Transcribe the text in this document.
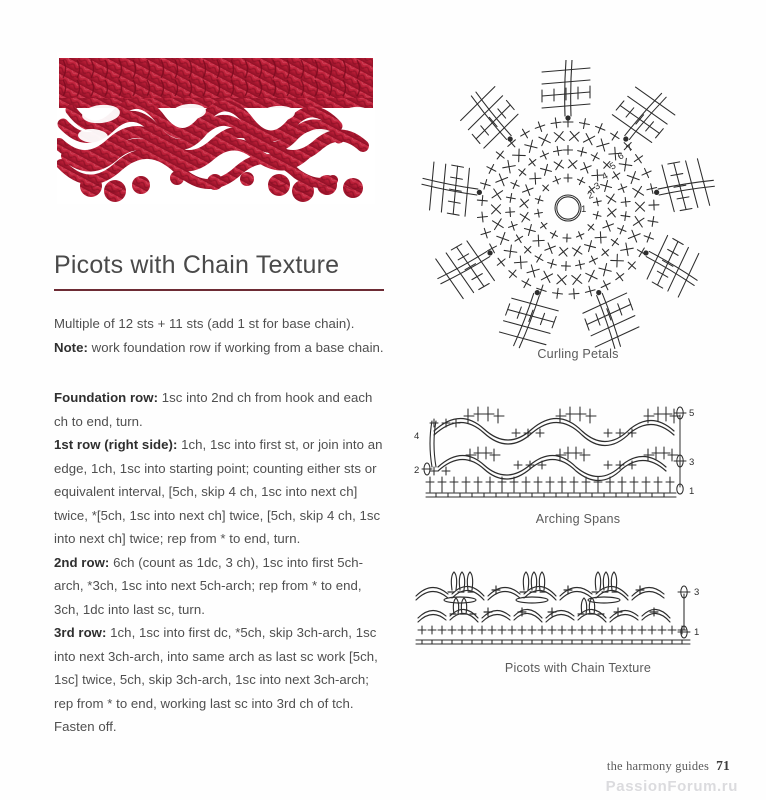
Picots with Chain Texture

Multiple of 12 sts + 11 sts (add 1 st for base chain).

Note: work foundation row if working from a base chain.

Foundation row: 1sc into 2nd ch from hook and each ch to end, turn.

1st row (right side): 1ch, 1sc into first st, or join into an edge, 1ch, 1sc into starting point; counting either sts or equivalent interval, [5ch, skip 4 ch, 1sc into next ch] twice, *[5ch, 1sc into next ch] twice, [5ch, skip 4 ch, 1sc into next ch] twice; rep from * to end, turn.

2nd row: 6ch (count as 1dc, 3 ch), 1sc into first 5ch-arch, *3ch, 1sc into next 5ch-arch; rep from * to end, 3ch, 1dc into last sc, turn.

3rd row: 1ch, 1sc into first dc, *5ch, skip 3ch-arch, 1sc into next 3ch-arch, into same arch as last sc work [5ch, 1sc] twice, 5ch, skip 3ch-arch, 1sc into next 3ch-arch; rep from * to end, working last sc into 3rd ch of tch.

Fasten off.

1
2
3
4
5
6
7
Curling Petals
5
3
1
4
2
Arching Spans
3
1
Picots with Chain Texture
the harmony guides 71
PassionForum.ru
